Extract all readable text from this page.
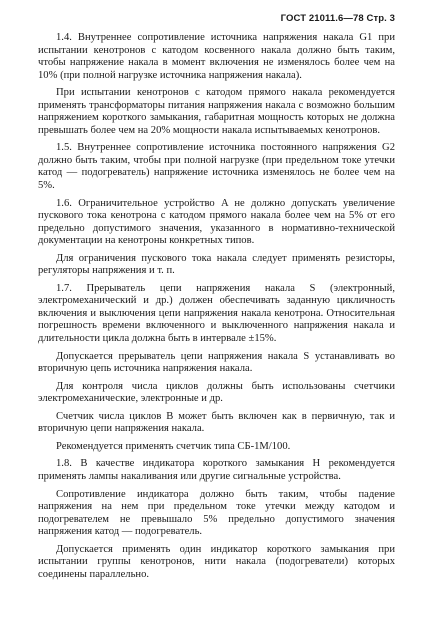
ГОСТ 21011.6—78 Стр. 3

1.4. Внутреннее сопротивление источника напряжения накала G1 при испытании кенотронов с катодом косвенного накала должно быть таким, чтобы напряжение накала в момент включения не изменялось более чем на 10% (при полной нагрузке источника напряжения накала).

При испытании кенотронов с катодом прямого накала рекомендуется применять трансформаторы питания напряжения накала с возможно большим напряжением короткого замыкания, габаритная мощность которых не должна превышать более чем на 20% мощности накала испытываемых кенотронов.

1.5. Внутреннее сопротивление источника постоянного напряжения G2 должно быть таким, чтобы при полной нагрузке (при предельном токе утечки катод — подогреватель) напряжение источника изменялось не более чем на 5%.

1.6. Ограничительное устройство A не должно допускать увеличение пускового тока кенотрона с катодом прямого накала более чем на 5% от его предельно допустимого значения, указанного в нормативно-технической документации на кенотроны конкретных типов.

Для ограничения пускового тока накала следует применять резисторы, регуляторы напряжения и т. п.

1.7. Прерыватель цепи напряжения накала S (электронный, электромеханический и др.) должен обеспечивать заданную цикличность включения и выключения цепи напряжения накала кенотрона. Относительная погрешность времени включенного и выключенного напряжения накала и длительности цикла должна быть в интервале ±15%.

Допускается прерыватель цепи напряжения накала S устанавливать во вторичную цепь источника напряжения накала.

Для контроля числа циклов должны быть использованы счетчики электромеханические, электронные и др.

Счетчик числа циклов B может быть включен как в первичную, так и вторичную цепи напряжения накала.

Рекомендуется применять счетчик типа СБ-1М/100.

1.8. В качестве индикатора короткого замыкания H рекомендуется применять лампы накаливания или другие сигнальные устройства.

Сопротивление индикатора должно быть таким, чтобы падение напряжения на нем при предельном токе утечки между катодом и подогревателем не превышало 5% предельно допустимого значения напряжения катод — подогреватель.

Допускается применять один индикатор короткого замыкания при испытании группы кенотронов, нити накала (подогреватели) которых соединены параллельно.
